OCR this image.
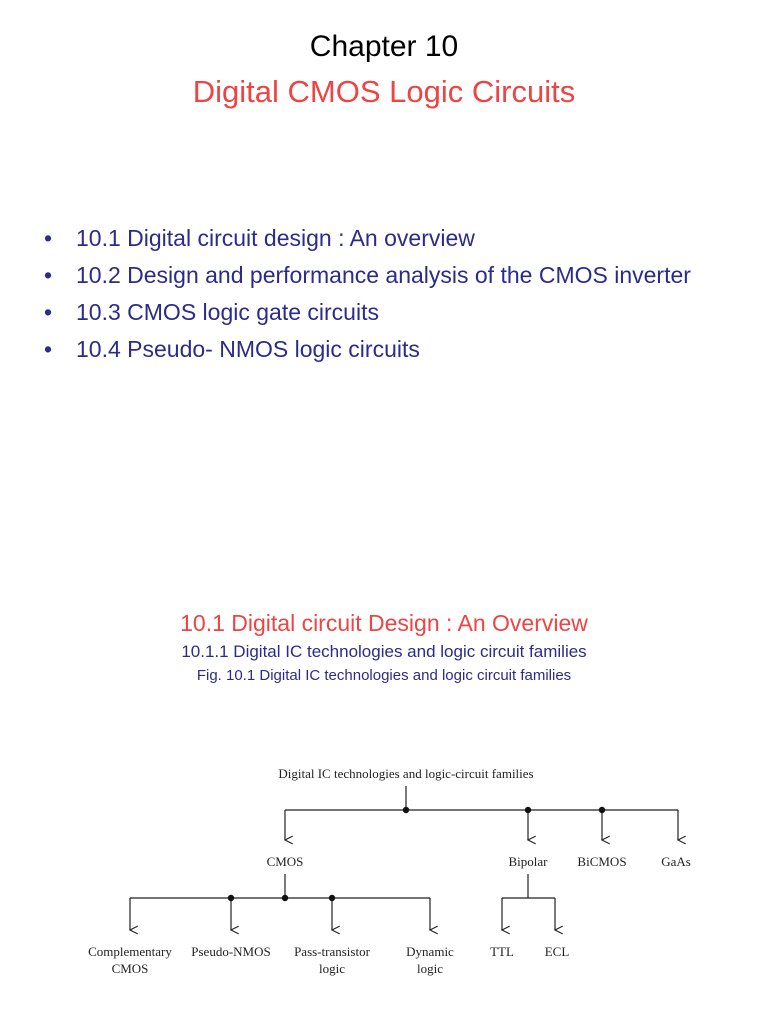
Chapter 10
Digital CMOS Logic Circuits
• 10.1 Digital circuit design : An overview
• 10.2 Design and performance analysis of the CMOS inverter
• 10.3 CMOS logic gate circuits
• 10.4 Pseudo- NMOS logic circuits
10.1 Digital circuit Design : An Overview
10.1.1 Digital IC technologies and logic circuit families
Fig. 10.1 Digital IC technologies and logic circuit families
Digital IC technologies and logic-circuit families
CMOS	Bipolar BiCMOS	GaAs
Complementary
CMOS
Pseudo-NMOS Pass-transistor
logic
Dynamic
logic
TTL ECL
